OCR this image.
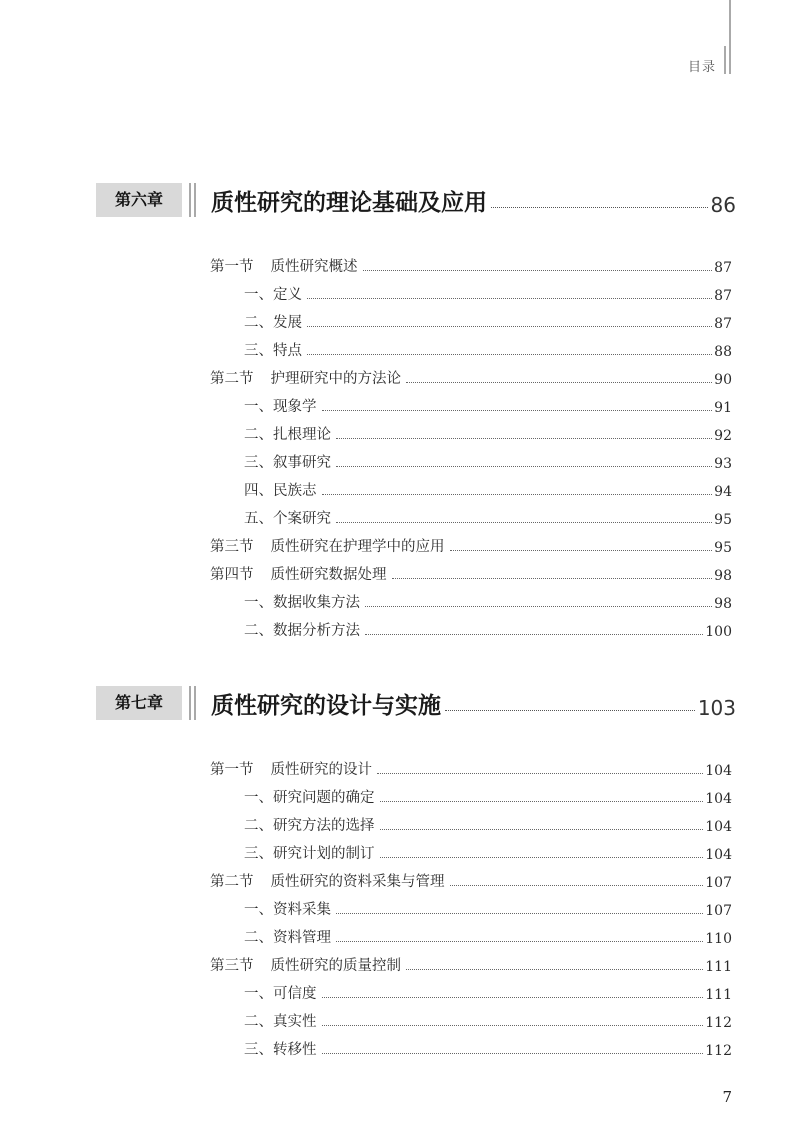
目录
第六章	质性研究的理论基础及应用	86
第一节 质性研究概述	87
一、定义	87
二、发展	87
三、特点	88
第二节 护理研究中的方法论	90
一、现象学	91
二、扎根理论	92
三、叙事研究	93
四、民族志	94
五、个案研究	95
第三节 质性研究在护理学中的应用	95
第四节 质性研究数据处理	98
一、数据收集方法	98
二、数据分析方法	100
第七章	质性研究的设计与实施	103
第一节 质性研究的设计	104
一、研究问题的确定	104
二、研究方法的选择	104
三、研究计划的制订	104
第二节 质性研究的资料采集与管理	107
一、资料采集	107
二、资料管理	110
第三节 质性研究的质量控制	111
一、可信度	111
二、真实性	112
三、转移性	112
7
